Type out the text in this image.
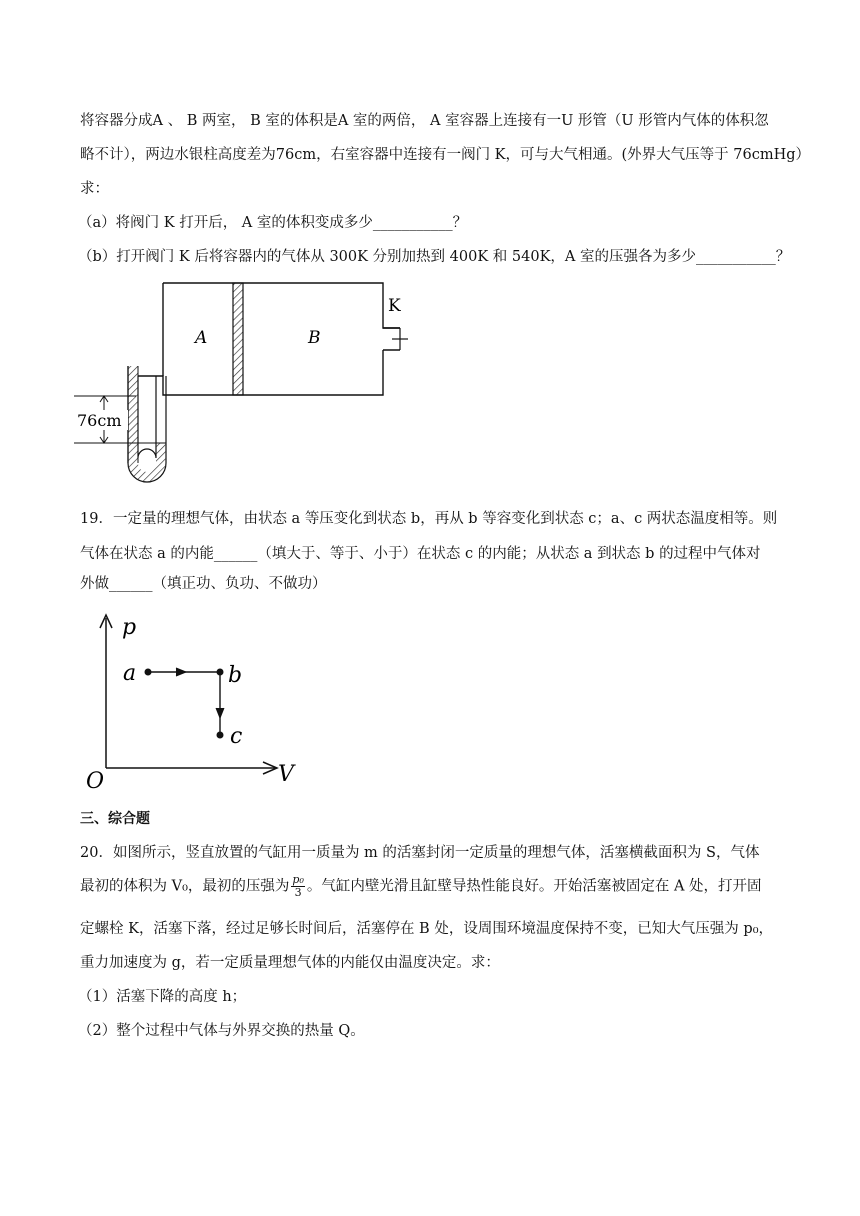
将容器分成A 、 B 两室， B 室的体积是A 室的两倍， A 室容器上连接有一U 形管（U 形管内气体的体积忽
略不计），两边水银柱高度差为76cm，右室容器中连接有一阀门 K，可与大气相通。(外界大气压等于 76cmHg）
求：
（a）将阀门 K 打开后， A 室的体积变成多少___________？
（b）打开阀门 K 后将容器内的气体从 300K 分别加热到 400K 和 540K，A 室的压强各为多少___________？
K
A	B
76cm
19．一定量的理想气体，由状态 a 等压变化到状态 b，再从 b 等容变化到状态 c；a、c 两状态温度相等。则
气体在状态 a 的内能______（填大于、等于、小于）在状态 c 的内能；从状态 a 到状态 b 的过程中气体对
外做______（填正功、负功、不做功）
p
V
O
a	b
c
三、综合题
20．如图所示，竖直放置的气缸用一质量为 m 的活塞封闭一定质量的理想气体，活塞横截面积为 S，气体
最初的体积为 V₀，最初的压强为 $\frac{\text{p₀}}{3}$ 。气缸内壁光滑且缸壁导热性能良好。开始活塞被固定在 A 处，打开固
定螺栓 K，活塞下落，经过足够长时间后，活塞停在 B 处，设周围环境温度保持不变，已知大气压强为 p₀，
重力加速度为 g，若一定质量理想气体的内能仅由温度决定。求：
（1）活塞下降的高度 h；
（2）整个过程中气体与外界交换的热量 Q。
